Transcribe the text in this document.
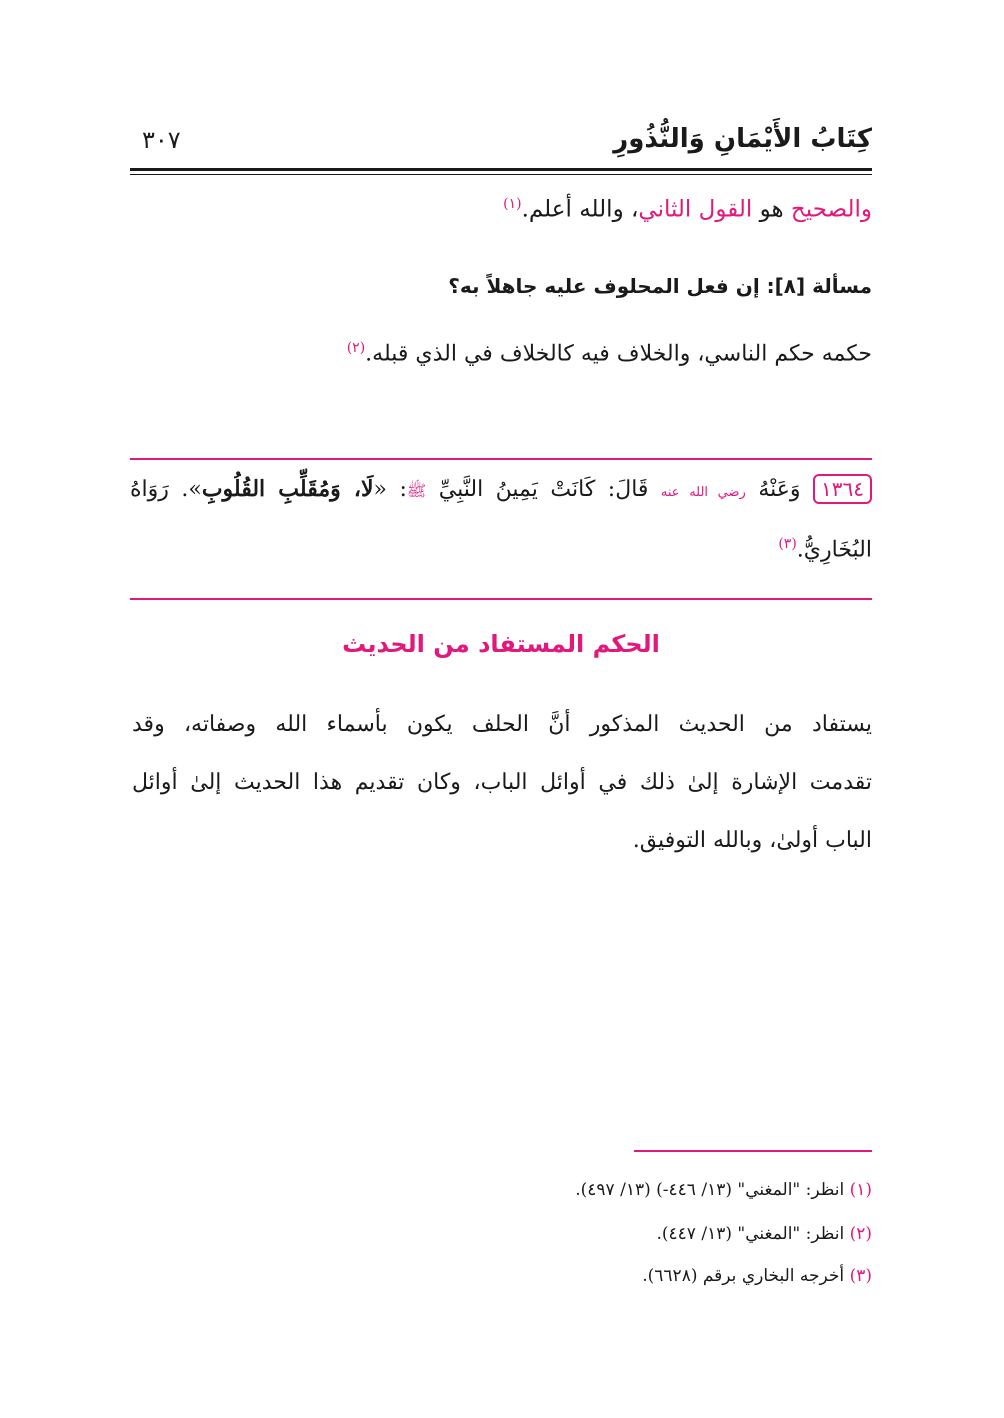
كِتَابُ الأَيْمَانِ وَالنُّذُورِ
٣٠٧
والصحيح هو القول الثاني، والله أعلم.$^{(١)}$
مسألة [٨]: إن فعل المحلوف عليه جاهلاً به؟
حكمه حكم الناسي، والخلاف فيه كالخلاف في الذي قبله.$^{(٢)}$
١٣٦٤ وَعَنْهُ رضي الله عنه قَالَ: كَانَتْ يَمِينُ النَّبِيِّ ﷺ: «لَا، وَمُقَلِّبِ القُلُوبِ». رَوَاهُ
البُخَارِيُّ.$^{(٣)}$
الحكم المستفاد من الحديث
يستفاد من الحديث المذكور أنَّ الحلف يكون بأسماء الله وصفاته، وقد
تقدمت الإشارة إلىٰ ذلك في أوائل الباب، وكان تقديم هذا الحديث إلىٰ أوائل
الباب أولىٰ، وبالله التوفيق.
(١) انظر: "المغني" (١٣/ ٤٤٦-) (١٣/ ٤٩٧).
(٢) انظر: "المغني" (١٣/ ٤٤٧).
(٣) أخرجه البخاري برقم (٦٦٢٨).
